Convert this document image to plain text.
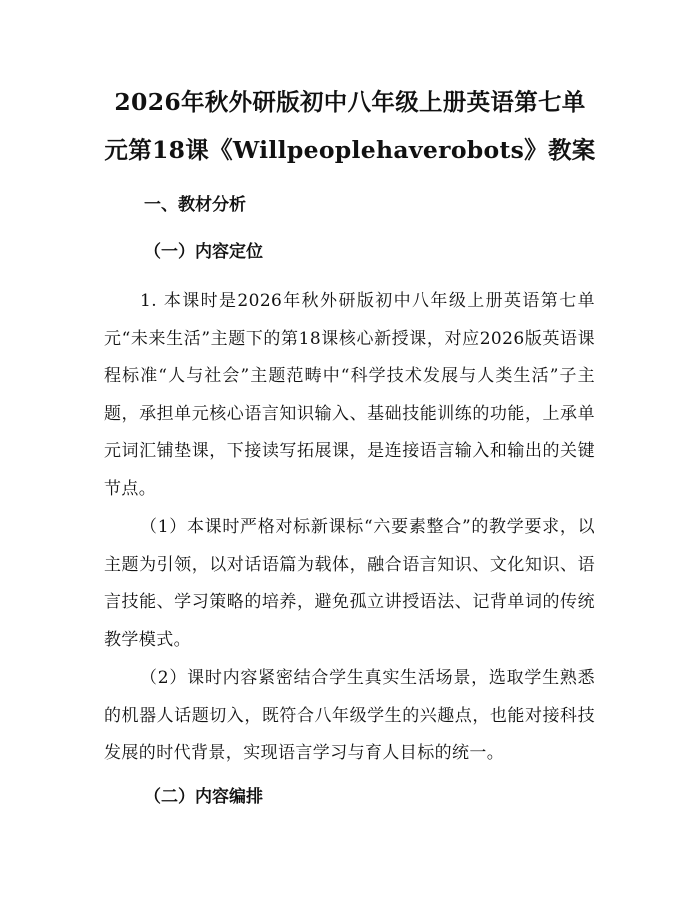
2026年秋外研版初中八年级上册英语第七单
元第18课《Willpeoplehaverobots》教案
一、教材分析
（一）内容定位

1. 本课时是2026年秋外研版初中八年级上册英语第七单元“未来生活”主题下的第18课核心新授课，对应2026版英语课程标准“人与社会”主题范畴中“科学技术发展与人类生活”子主题，承担单元核心语言知识输入、基础技能训练的功能，上承单元词汇铺垫课，下接读写拓展课，是连接语言输入和输出的关键节点。

（1）本课时严格对标新课标“六要素整合”的教学要求，以主题为引领，以对话语篇为载体，融合语言知识、文化知识、语言技能、学习策略的培养，避免孤立讲授语法、记背单词的传统教学模式。

（2）课时内容紧密结合学生真实生活场景，选取学生熟悉的机器人话题切入，既符合八年级学生的兴趣点，也能对接科技发展的时代背景，实现语言学习与育人目标的统一。

（二）内容编排
